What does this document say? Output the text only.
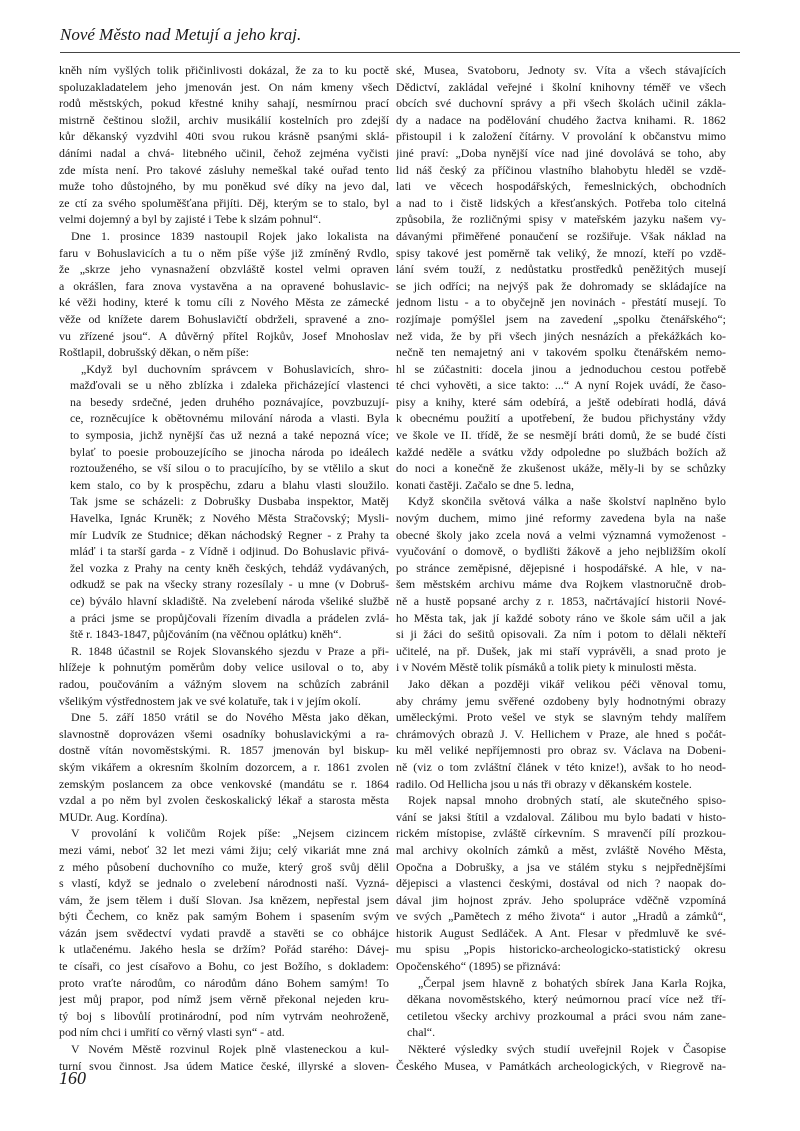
Nové Město nad Metují a jeho kraj.

kněh ním vyšlých tolik přičinlivosti dokázal, že za to ku poctě

spoluzakladatelem jeho jmenován jest. On nám kmeny všech

rodů městských, pokud křestné knihy sahají, nesmírnou prací

mistrně češtinou složil, archiv musikálií kostelních pro zdejší

kůr děkanský vyzdvihl 40ti svou rukou krásně psanými sklá-

dáními nadal a chvá- litebného učinil, čehož zejména vyčisti

zde místa není. Pro takové zásluhy nemeškal také ouřad tento

muže toho důstojného, by mu poněkud své díky na jevo dal,

ze ctí za svého spoluměšťana přijíti. Děj, kterým se to stalo, byl

velmi dojemný a byl by zajisté i Tebe k slzám pohnul“.

Dne 1. prosince 1839 nastoupil Rojek jako lokalista na

faru v Bohuslavicích a tu o něm píše výše již zmíněný Rvdlo,

že „skrze jeho vynasnažení obzvláště kostel velmi opraven

a okrášlen, fara znova vystavěna a na opravené bohuslavic-

ké věži hodiny, které k tomu cíli z Nového Města ze zámecké

věže od knížete darem Bohuslavičtí obdrželi, spravené a zno-

vu zřízené jsou“. A důvěrný přítel Rojkův, Josef Mnohoslav

Roštlapil, dobrušský děkan, o něm píše:

„Když byl duchovním správcem v Bohuslavicích, shro-

mažďovali se u něho zblízka i zdaleka přicházející vlastenci

na besedy srdečné, jeden druhého poznávajíce, povzbuzují-

ce, rozněcujíce k obětovnému milování národa a vlasti. Byla

to symposia, jichž nynější čas už nezná a také nepozná více;

bylať to poesie probouzejícího se jinocha národa po ideálech

roztouženého, se vší silou o to pracujícího, by se vtělilo a skut

kem stalo, co by k prospěchu, zdaru a blahu vlasti sloužilo.

Tak jsme se scházeli: z Dobrušky Dusbaba inspektor, Matěj

Havelka, Ignác Kruněk; z Nového Města Stračovský; Mysli-

mír Ludvík ze Studnice; děkan náchodský Regner - z Prahy ta

mláď i ta starší garda - z Vídně i odjinud. Do Bohuslavic přivá-

žel vozka z Prahy na centy kněh českých, tehdáž vydávaných,

odkudž se pak na všecky strany rozesílaly - u mne (v Dobruš-

ce) býválo hlavní skladiště. Na zvelebení národa všeliké službě

a práci jsme se propůjčovali řízením divadla a prádelen zvlá-

ště r. 1843-1847, půjčováním (na věčnou oplátku) kněh“.

R. 1848 účastnil se Rojek Slovanského sjezdu v Praze a při-

hlížeje k pohnutým poměrům doby velice usiloval o to, aby

radou, poučováním a vážným slovem na schůzích zabránil

všelikým výstřednostem jak ve své kolatuře, tak i v jejím okolí.

Dne 5. září 1850 vrátil se do Nového Města jako děkan,

slavnostně doprovázen všemi osadníky bohuslavickými a ra-

dostně vítán novoměstskými. R. 1857 jmenován byl biskup-

ským vikářem a okresním školním dozorcem, a r. 1861 zvolen

zemským poslancem za obce venkovské (mandátu se r. 1864

vzdal a po něm byl zvolen českoskalický lékař a starosta města

MUDr. Aug. Kordína).

V provolání k voličům Rojek píše: „Nejsem cizincem

mezi vámi, neboť 32 let mezi vámi žiju; celý vikariát mne zná

z mého působení duchovního co muže, který groš svůj dělil

s vlastí, když se jednalo o zvelebení národnosti naší. Vyzná-

vám, že jsem tělem i duší Slovan. Jsa knězem, nepřestal jsem

býti Čechem, co kněz pak samým Bohem i spasením svým

vázán jsem svědectví vydati pravdě a stavěti se co obhájce

k utlačenému. Jakého hesla se držím? Pořád starého: Dávej-

te císaři, co jest císařovo a Bohu, co jest Božího, s dokladem:

proto vraťte národům, co národům dáno Bohem samým! To

jest můj prapor, pod nímž jsem věrně překonal nejeden kru-

tý boj s libovůlí protinárodní, pod ním vytrvám neohroženě,

pod ním chci i umřití co věrný vlasti syn“ - atd.

V Novém Městě rozvinul Rojek plně vlasteneckou a kul-

turní svou činnost. Jsa údem Matice české, illyrské a sloven-

ské, Musea, Svatoboru, Jednoty sv. Víta a všech stávajících

Dědictví, zakládal veřejné i školní knihovny téměř ve všech

obcích své duchovní správy a při všech školách učinil zákla-

dy a nadace na podělování chudého žactva knihami. R. 1862

přistoupil i k založení čítárny. V provolání k občanstvu mimo

jiné praví: „Doba nynější více nad jiné dovolává se toho, aby

lid náš český za příčinou vlastního blahobytu hleděl se vzdě-

lati ve věcech hospodářských, řemeslnických, obchodních

a nad to i čistě lidských a křesťanských. Potřeba tolo citelná

způsobila, že rozličnými spisy v mateřském jazyku našem vy-

dávanými přiměřené ponaučení se rozšiřuje. Však náklad na

spisy takové jest poměrně tak veliký, že mnozí, kteří po vzdě-

lání svém touží, z nedůstatku prostředků peněžitých musejí

se jich odříci; na nejvýš pak že dohromady se skládajíce na

jednom listu - a to obyčejně jen novinách - přestátí musejí. To

rozjímaje pomýšlel jsem na zavedení „spolku čtenářského“;

než vida, že by při všech jiných nesnázích a překážkách ko-

nečně ten nemajetný ani v takovém spolku čtenářském nemo-

hl se zúčastniti: docela jinou a jednoduchou cestou potřebě

té chci vyhověti, a sice takto: ...“ A nyní Rojek uvádí, že časo-

pisy a knihy, které sám odebírá, a ještě odebírati hodlá, dává

k obecnému použití a upotřebení, že budou přichystány vždy

ve škole ve II. třídě, že se nesmějí bráti domů, že se budé čísti

každé neděle a svátku vždy odpoledne po službách božích až

do noci a konečně že zkušenost ukáže, měly-li by se schůzky

konati častěji. Začalo se dne 5. ledna,

Když skončila světová válka a naše školství naplněno bylo

novým duchem, mimo jiné reformy zavedena byla na naše

obecné školy jako zcela nová a velmi významná vymoženost -

vyučování o domově, o bydlišti žákově a jeho nejbližším okolí

po stránce zeměpisné, dějepisné i hospodářské. A hle, v na-

šem městském archivu máme dva Rojkem vlastnoručně drob-

ně a hustě popsané archy z r. 1853, načrtávající historii Nové-

ho Města tak, jak jí každé soboty ráno ve škole sám učil a jak

si ji žáci do sešitů opisovali. Za ním i potom to dělali někteří

učitelé, na př. Dušek, jak mi staří vyprávěli, a snad proto je

i v Novém Městě tolik písmáků a tolik piety k minulosti města.

Jako děkan a později vikář velikou péči věnoval tomu,

aby chrámy jemu svěřené ozdobeny byly hodnotnými obrazy

uměleckými. Proto vešel ve styk se slavným tehdy malířem

chrámových obrazů J. V. Hellichem v Praze, ale hned s počát-

ku měl veliké nepříjemnosti pro obraz sv. Václava na Dobeni-

ně (viz o tom zvláštní článek v této knize!), avšak to ho neod-

radilo. Od Hellicha jsou u nás tři obrazy v děkanském kostele.

Rojek napsal mnoho drobných statí, ale skutečného spiso-

vání se jaksi štítil a vzdaloval. Zálibou mu bylo badati v histo-

rickém místopise, zvláště církevním. S mravenčí pílí prozkou-

mal archivy okolních zámků a měst, zvláště Nového Města,

Opočna a Dobrušky, a jsa ve stálém styku s nejpřednějšími

dějepisci a vlastenci českými, dostával od nich ? naopak do-

dával jim hojnost zpráv. Jeho spolupráce vděčně vzpomíná

ve svých „Pamětech z mého života“ i autor „Hradů a zámků“,

historik August Sedláček. A Ant. Flesar v předmluvě ke své-

mu spisu „Popis historicko-archeologicko-statistický okresu

Opočenského“ (1895) se přiznává:

„Čerpal jsem hlavně z bohatých sbírek Jana Karla Rojka,

děkana novoměstského, který neúmornou prací více než tří-

cetiletou všecky archivy prozkoumal a práci svou nám zane-

chal“.

Některé výsledky svých studií uveřejnil Rojek v Časopise

Českého Musea, v Památkách archeologických, v Riegrově na-

160
